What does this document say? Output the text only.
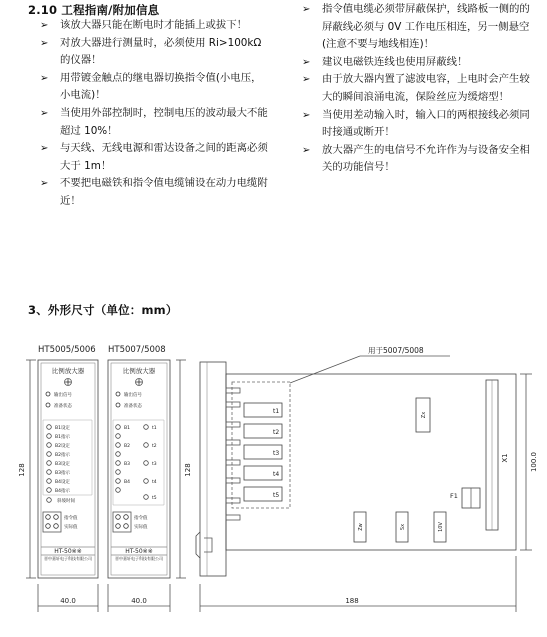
2.10 工程指南/附加信息
➢ 该放大器只能在断电时才能插上或拔下！
➢ 对放大器进行测量时，必须使用 Ri>100kΩ的仪器！
➢ 用带镀金触点的继电器切换指令值(小电压，小电流)！
➢ 当使用外部控制时，控制电压的波动最大不能超过 10%！
➢ 与天线、无线电源和雷达设备之间的距离必须大于 1m！
➢ 不要把电磁铁和指令值电缆铺设在动力电缆附近！
➢ 指令值电缆必须带屏蔽保护，线路板一侧的的屏蔽线必须与 0V 工作电压相连，另一侧悬空(注意不要与地线相连)！
➢ 建议电磁铁连线也使用屏蔽线！
➢ 由于放大器内置了滤波电容，上电时会产生较大的瞬间浪涌电流，保险丝应为缓熔型！
➢ 当使用差动输入时，输入口的两根接线必须同时接通或断开！
➢ 放大器产生的电信号不允许作为与设备安全相关的功能信号！
3、外形尺寸（单位：mm）
HT5005/5006
比例放大器
输出信号
准备状态
B1设定
B1指示
B2设定
B2指示
B3设定
B3指示
B4设定
B4指示
斜坡时间
指令值
实际值
晋中嘉轩电子科技有限公司
HT-50※※
128
40.0
HT5007/5008
比例放大器
输出信号
准备状态
B1
B2
B3
B4
t1
t2
t3
t4
t5
指令值
实际值
晋中嘉轩电子科技有限公司
HT-50※※
128
40.0
用于5007/5008
t1
t2
t3
t4
t5
Zx
X1
F1
Zw	Sx	10V
100.0
188
